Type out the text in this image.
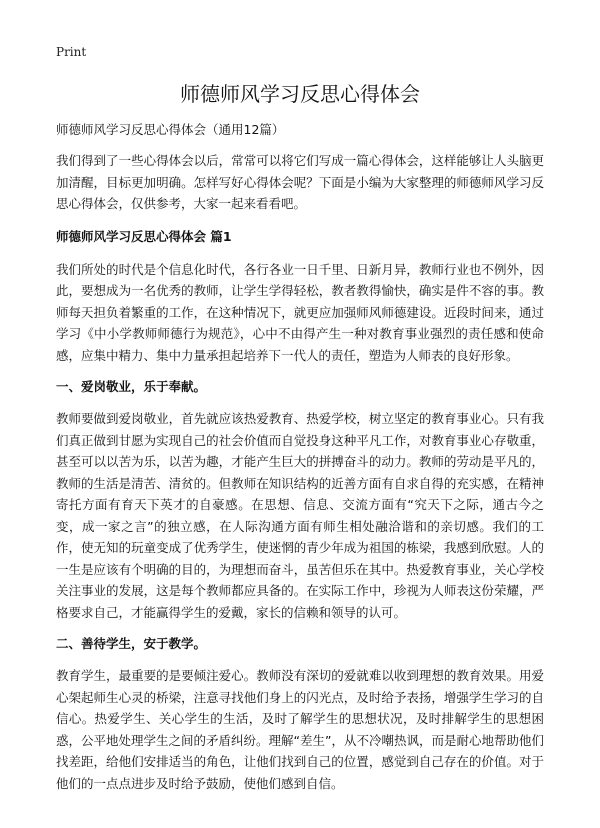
Print
师德师风学习反思心得体会

师德师风学习反思心得体会（通用12篇）

我们得到了一些心得体会以后，常常可以将它们写成一篇心得体会，这样能够让人头脑更加清醒，目标更加明确。怎样写好心得体会呢？下面是小编为大家整理的师德师风学习反思心得体会，仅供参考，大家一起来看看吧。

师德师风学习反思心得体会 篇1

我们所处的时代是个信息化时代，各行各业一日千里、日新月异，教师行业也不例外，因此，要想成为一名优秀的教师，让学生学得轻松，教者教得愉快，确实是件不容的事。教师每天担负着繁重的工作，在这种情况下，就更应加强师风师德建设。近段时间来，通过学习《中小学教师师德行为规范》，心中不由得产生一种对教育事业强烈的责任感和使命感，应集中精力、集中力量承担起培养下一代人的责任，塑造为人师表的良好形象。

一、爱岗敬业，乐于奉献。

教师要做到爱岗敬业，首先就应该热爱教育、热爱学校，树立坚定的教育事业心。只有我们真正做到甘愿为实现自己的社会价值而自觉投身这种平凡工作，对教育事业心存敬重，甚至可以以苦为乐，以苦为趣，才能产生巨大的拼搏奋斗的动力。教师的劳动是平凡的，教师的生活是清苦、清贫的。但教师在知识结构的近善方面有自求自得的充实感，在精神寄托方面有育天下英才的自豪感。在思想、信息、交流方面有“究天下之际，通古今之变，成一家之言”的独立感，在人际沟通方面有师生相处融洽谐和的亲切感。我们的工作，使无知的玩童变成了优秀学生，使迷惘的青少年成为祖国的栋梁，我感到欣慰。人的一生是应该有个明确的目的，为理想而奋斗，虽苦但乐在其中。热爱教育事业，关心学校关注事业的发展，这是每个教师都应具备的。在实际工作中，珍视为人师表这份荣耀，严格要求自己，才能赢得学生的爱戴，家长的信赖和领导的认可。

二、善待学生，安于教学。

教育学生，最重要的是要倾注爱心。教师没有深切的爱就难以收到理想的教育效果。用爱心架起师生心灵的桥梁，注意寻找他们身上的闪光点，及时给予表扬，增强学生学习的自信心。热爱学生、关心学生的生活，及时了解学生的思想状况，及时排解学生的思想困惑，公平地处理学生之间的矛盾纠纷。理解“差生”，从不冷嘲热讽，而是耐心地帮助他们找差距，给他们安排适当的角色，让他们找到自己的位置，感觉到自己存在的价值。对于他们的一点点进步及时给予鼓励，使他们感到自信。
